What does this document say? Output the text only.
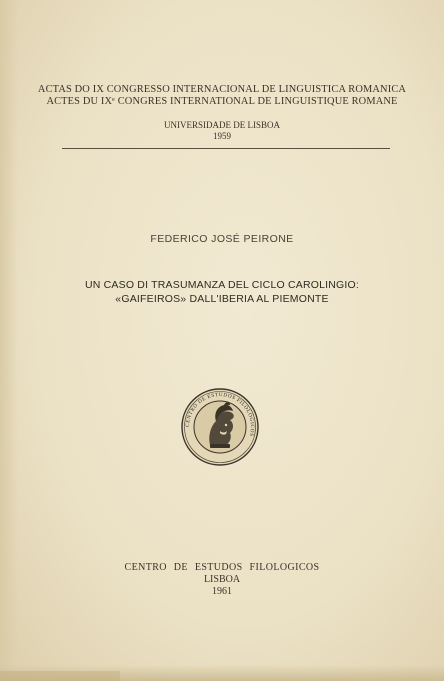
ACTAS DO IX CONGRESSO INTERNACIONAL DE LINGUISTICA ROMANICA
ACTES DU IXᵉ CONGRES INTERNATIONAL DE LINGUISTIQUE ROMANE
UNIVERSIDADE DE LISBOA
1959
FEDERICO JOSÉ PEIRONE
UN CASO DI TRASUMANZA DEL CICLO CAROLINGIO:
«GAIFEIROS» DALL'IBERIA AL PIEMONTE
CENTRO DE ESTUDOS FILOLOGICOS
CENTRO DE ESTUDOS FILOLOGICOS
LISBOA
1961
